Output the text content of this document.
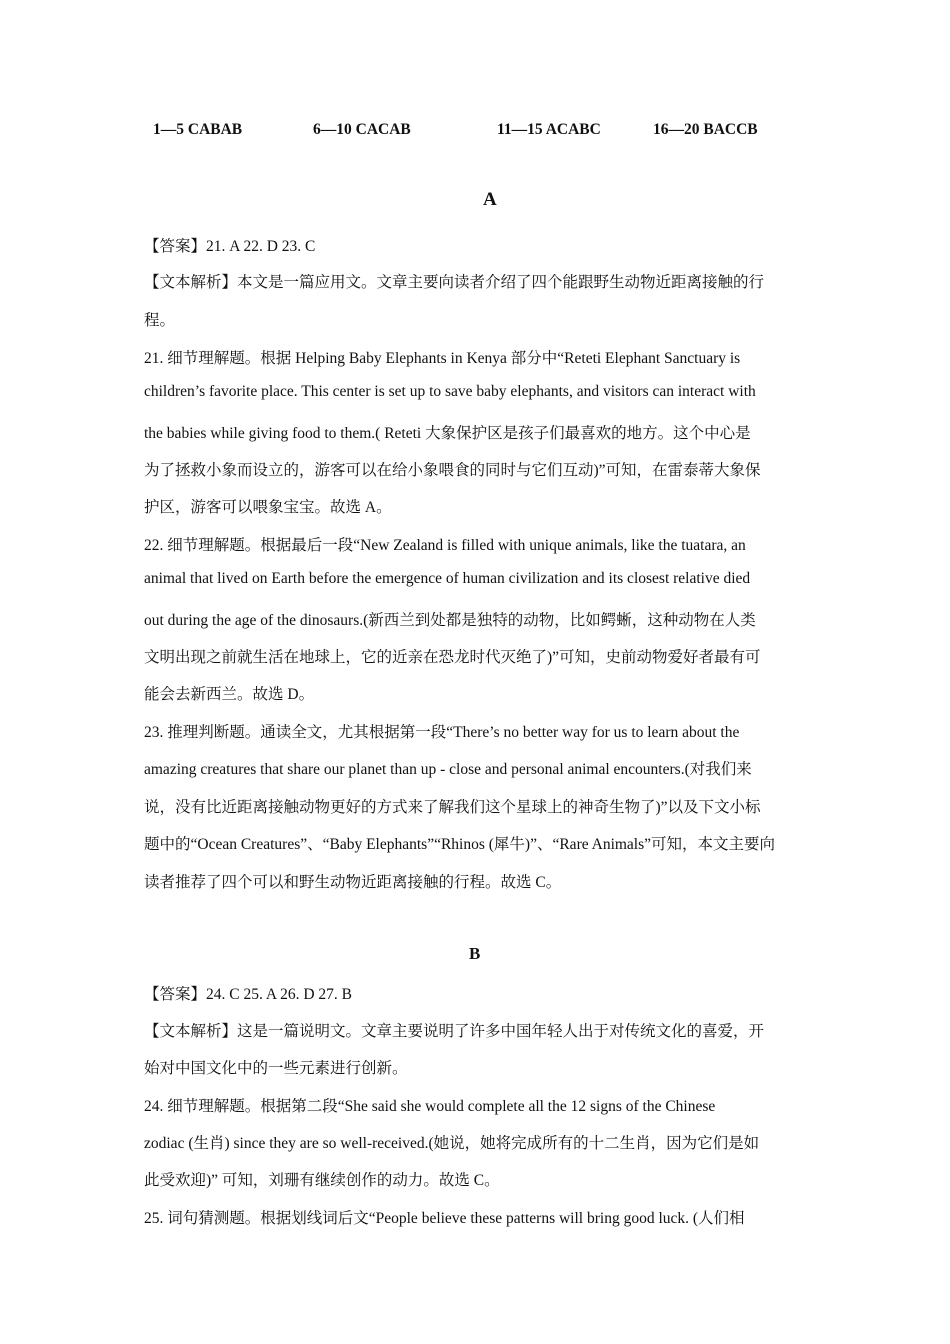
1—5 CABAB	6—10 CACAB	11—15 ACABC	16—20 BACCB
A
【答案】21. A 22. D 23. C
【文本解析】本文是一篇应用文。文章主要向读者介绍了四个能跟野生动物近距离接触的行
程。
21. 细节理解题。根据 Helping Baby Elephants in Kenya 部分中“Reteti Elephant Sanctuary is
children’s favorite place. This center is set up to save baby elephants, and visitors can interact with
the babies while giving food to them.( Reteti 大象保护区是孩子们最喜欢的地方。这个中心是
为了拯救小象而设立的，游客可以在给小象喂食的同时与它们互动)”可知，在雷泰蒂大象保
护区，游客可以喂象宝宝。故选 A。
22. 细节理解题。根据最后一段“New Zealand is filled with unique animals, like the tuatara, an
animal that lived on Earth before the emergence of human civilization and its closest relative died
out during the age of the dinosaurs.(新西兰到处都是独特的动物，比如鳄蜥，这种动物在人类
文明出现之前就生活在地球上，它的近亲在恐龙时代灭绝了)”可知，史前动物爱好者最有可
能会去新西兰。故选 D。
23. 推理判断题。通读全文，尤其根据第一段“There’s no better way for us to learn about the
amazing creatures that share our planet than up - close and personal animal encounters.(对我们来
说，没有比近距离接触动物更好的方式来了解我们这个星球上的神奇生物了)”以及下文小标
题中的“Ocean Creatures”、“Baby Elephants”“Rhinos (犀牛)”、“Rare Animals”可知，本文主要向
读者推荐了四个可以和野生动物近距离接触的行程。故选 C。
B
【答案】24. C 25. A 26. D 27. B
【文本解析】这是一篇说明文。文章主要说明了许多中国年轻人出于对传统文化的喜爱，开
始对中国文化中的一些元素进行创新。
24. 细节理解题。根据第二段“She said she would complete all the 12 signs of the Chinese
zodiac (生肖) since they are so well-received.(她说，她将完成所有的十二生肖，因为它们是如
此受欢迎)” 可知，刘珊有继续创作的动力。故选 C。
25. 词句猜测题。根据划线词后文“People believe these patterns will bring good luck. (人们相
